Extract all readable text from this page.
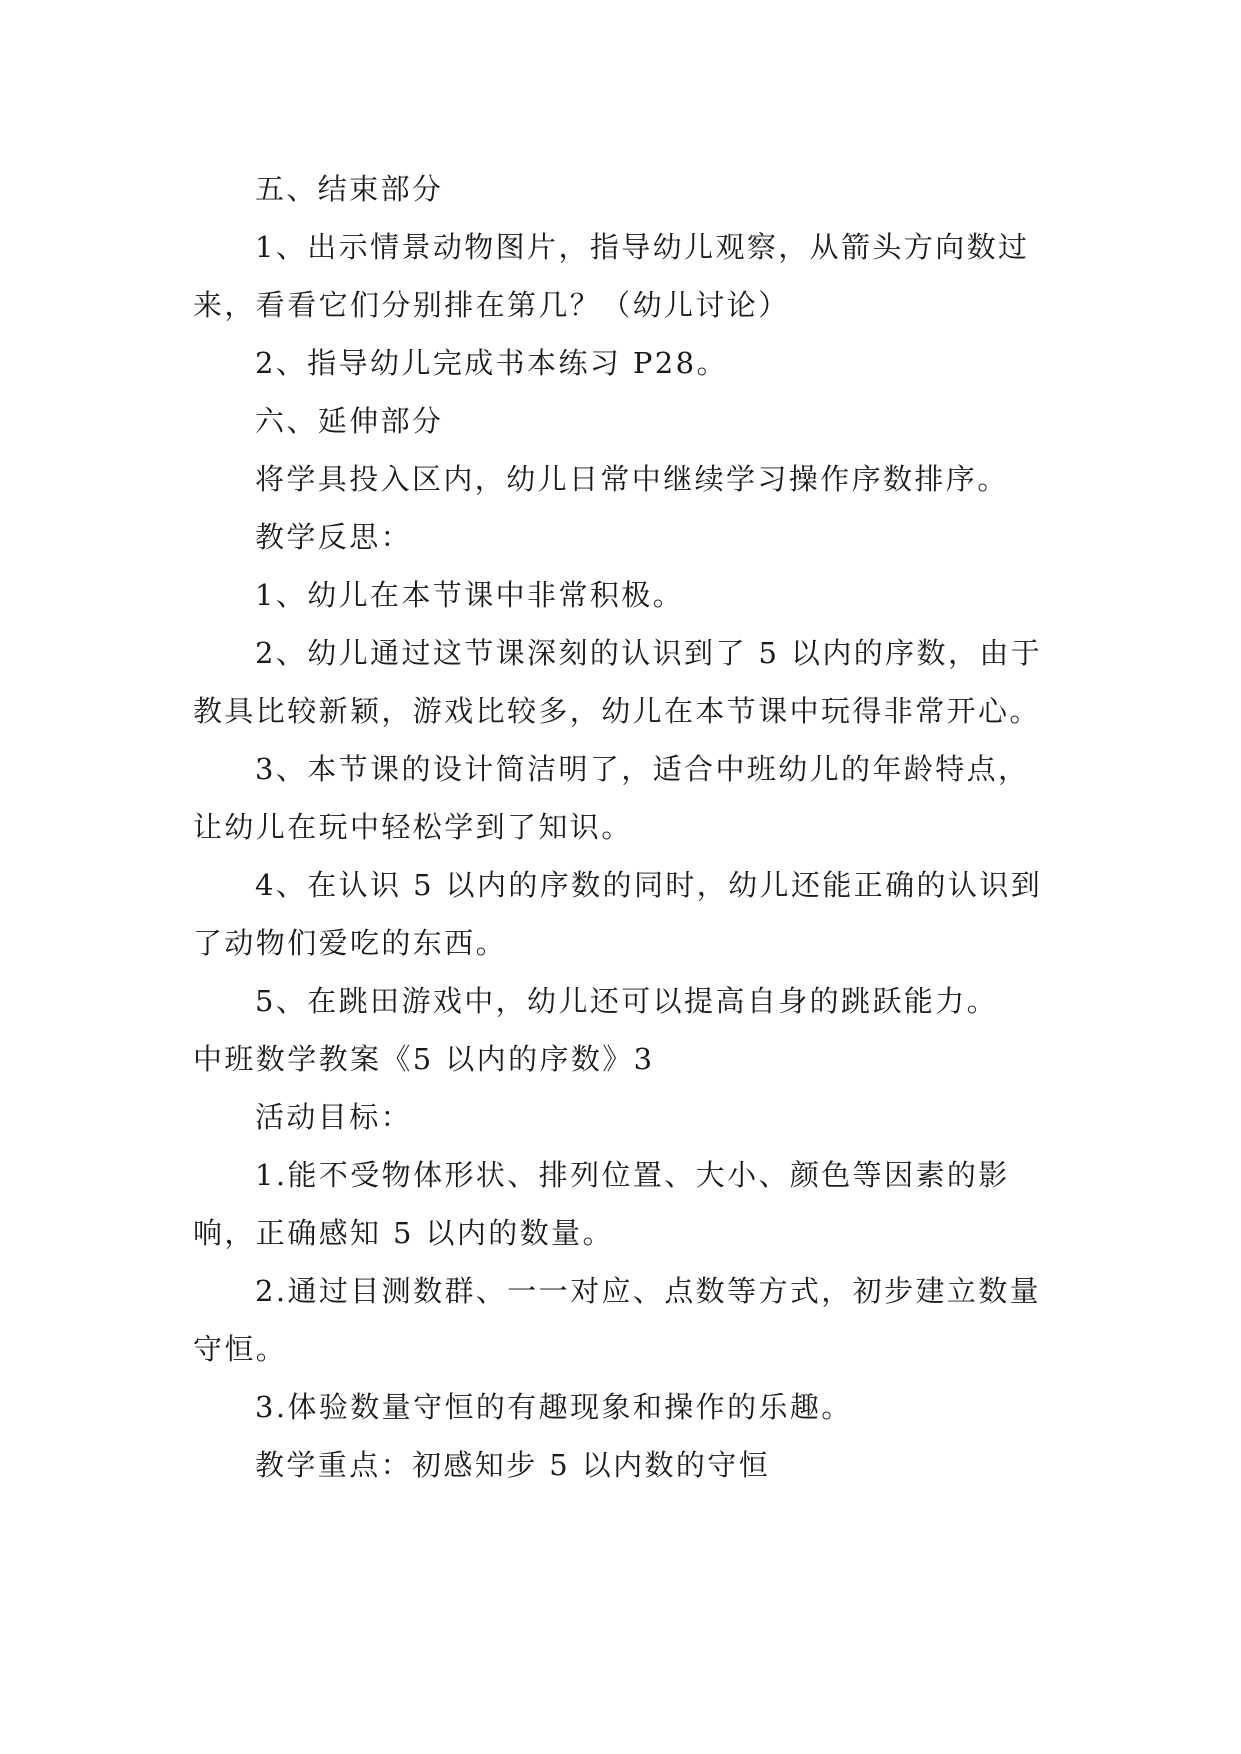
五、结束部分

1、出示情景动物图片，指导幼儿观察，从箭头方向数过来，看看它们分别排在第几？（幼儿讨论）

2、指导幼儿完成书本练习 P28。

六、延伸部分

将学具投入区内，幼儿日常中继续学习操作序数排序。

教学反思：

1、幼儿在本节课中非常积极。

2、幼儿通过这节课深刻的认识到了 5 以内的序数，由于教具比较新颖，游戏比较多，幼儿在本节课中玩得非常开心。

3、本节课的设计简洁明了，适合中班幼儿的年龄特点，让幼儿在玩中轻松学到了知识。

4、在认识 5 以内的序数的同时，幼儿还能正确的认识到了动物们爱吃的东西。

5、在跳田游戏中，幼儿还可以提高自身的跳跃能力。

中班数学教案《5 以内的序数》3

活动目标：

1.能不受物体形状、排列位置、大小、颜色等因素的影响，正确感知 5 以内的数量。

2.通过目测数群、一一对应、点数等方式，初步建立数量守恒。

3.体验数量守恒的有趣现象和操作的乐趣。

教学重点：初感知步 5 以内数的守恒
